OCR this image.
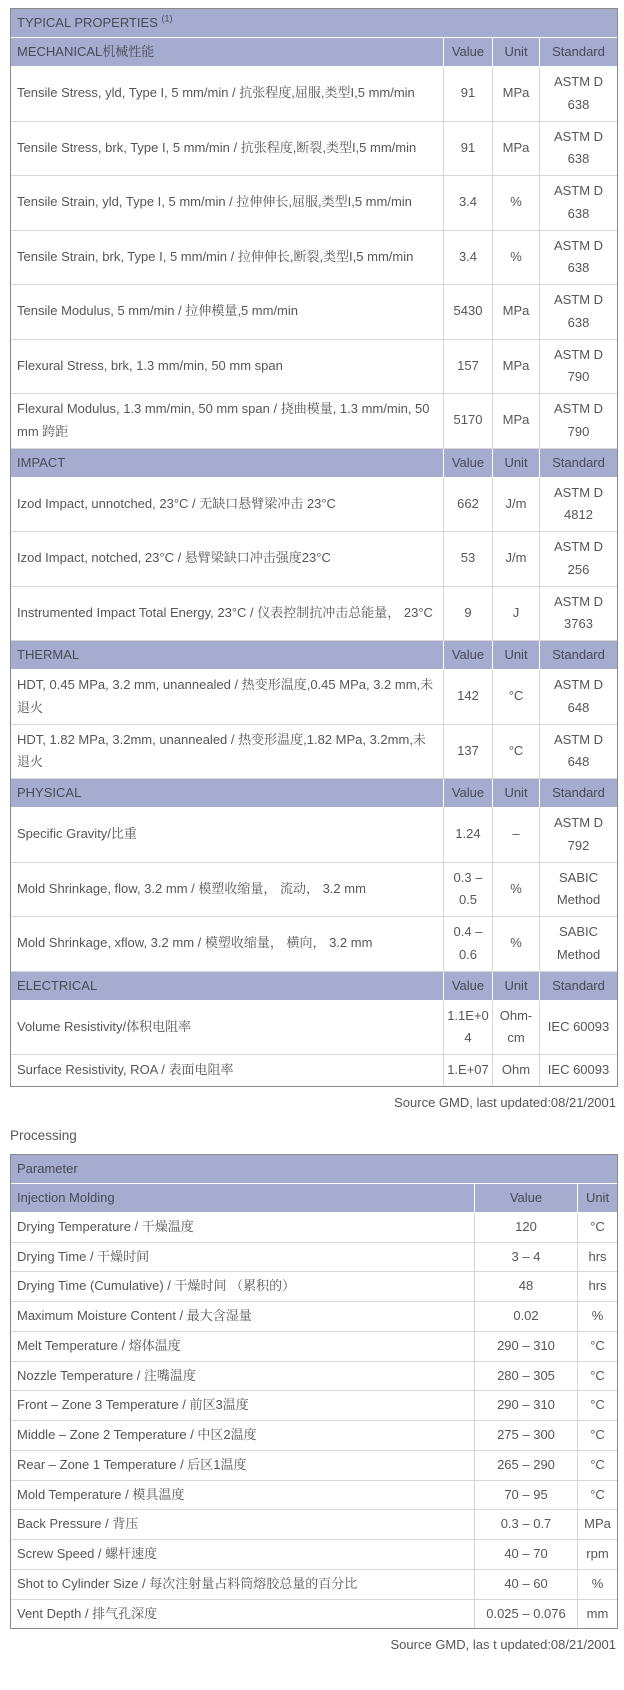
TYPICAL PROPERTIES $^{(1)}$
MECHANICAL机械性能	Value	Unit	Standard
Tensile Stress, yld, Type I, 5 mm/min / 抗张程度,屈服,类型I,5 mm/min	91	MPa	ASTM D 638
Tensile Stress, brk, Type I, 5 mm/min / 抗张程度,断裂,类型I,5 mm/min	91	MPa	ASTM D 638
Tensile Strain, yld, Type I, 5 mm/min / 拉伸伸长,屈服,类型I,5 mm/min	3.4	%	ASTM D 638
Tensile Strain, brk, Type I, 5 mm/min / 拉伸伸长,断裂,类型I,5 mm/min	3.4	%	ASTM D 638
Tensile Modulus, 5 mm/min / 拉伸模量,5 mm/min	5430	MPa	ASTM D 638
Flexural Stress, brk, 1.3 mm/min, 50 mm span	157	MPa	ASTM D 790
Flexural Modulus, 1.3 mm/min, 50 mm span / 挠曲模量, 1.3 mm/min, 50 mm 跨距	5170	MPa	ASTM D 790
IMPACT	Value	Unit	Standard
Izod Impact, unnotched, 23°C / 无缺口悬臂梁冲击 23°C	662	J/m	ASTM D 4812
Izod Impact, notched, 23°C / 悬臂梁缺口冲击强度23°C	53	J/m	ASTM D 256
Instrumented Impact Total Energy, 23°C / 仪表控制抗冲击总能量， 23°C	9	J	ASTM D 3763
THERMAL	Value	Unit	Standard
HDT, 0.45 MPa, 3.2 mm, unannealed / 热变形温度,0.45 MPa, 3.2 mm,未退火	142	°C	ASTM D 648
HDT, 1.82 MPa, 3.2mm, unannealed / 热变形温度,1.82 MPa, 3.2mm,未退火	137	°C	ASTM D 648
PHYSICAL	Value	Unit	Standard
Specific Gravity/比重	1.24	–	ASTM D 792
Mold Shrinkage, flow, 3.2 mm / 模塑收缩量， 流动， 3.2 mm	0.3 – 0.5	%	SABIC Method
Mold Shrinkage, xflow, 3.2 mm / 模塑收缩量， 横向， 3.2 mm	0.4 – 0.6	%	SABIC Method
ELECTRICAL	Value	Unit	Standard
Volume Resistivity/体积电阻率	1.1E+04	Ohm-cm	IEC 60093
Surface Resistivity, ROA / 表面电阻率	1.E+07	Ohm	IEC 60093
Source GMD, last updated:08/21/2001
Processing
Parameter		
Injection Molding	Value	Unit
Drying Temperature / 干燥温度	120	°C
Drying Time / 干燥时间	3 – 4	hrs
Drying Time (Cumulative) / 干燥时间 （累积的）	48	hrs
Maximum Moisture Content / 最大含湿量	0.02	%
Melt Temperature / 熔体温度	290 – 310	°C
Nozzle Temperature / 注嘴温度	280 – 305	°C
Front – Zone 3 Temperature / 前区3温度	290 – 310	°C
Middle – Zone 2 Temperature / 中区2温度	275 – 300	°C
Rear – Zone 1 Temperature / 后区1温度	265 – 290	°C
Mold Temperature / 模具温度	70 – 95	°C
Back Pressure / 背压	0.3 – 0.7	MPa
Screw Speed / 螺杆速度	40 – 70	rpm
Shot to Cylinder Size / 每次注射量占料筒熔胶总量的百分比	40 – 60	%
Vent Depth / 排气孔深度	0.025 – 0.076	mm
Source GMD, las t updated:08/21/2001
